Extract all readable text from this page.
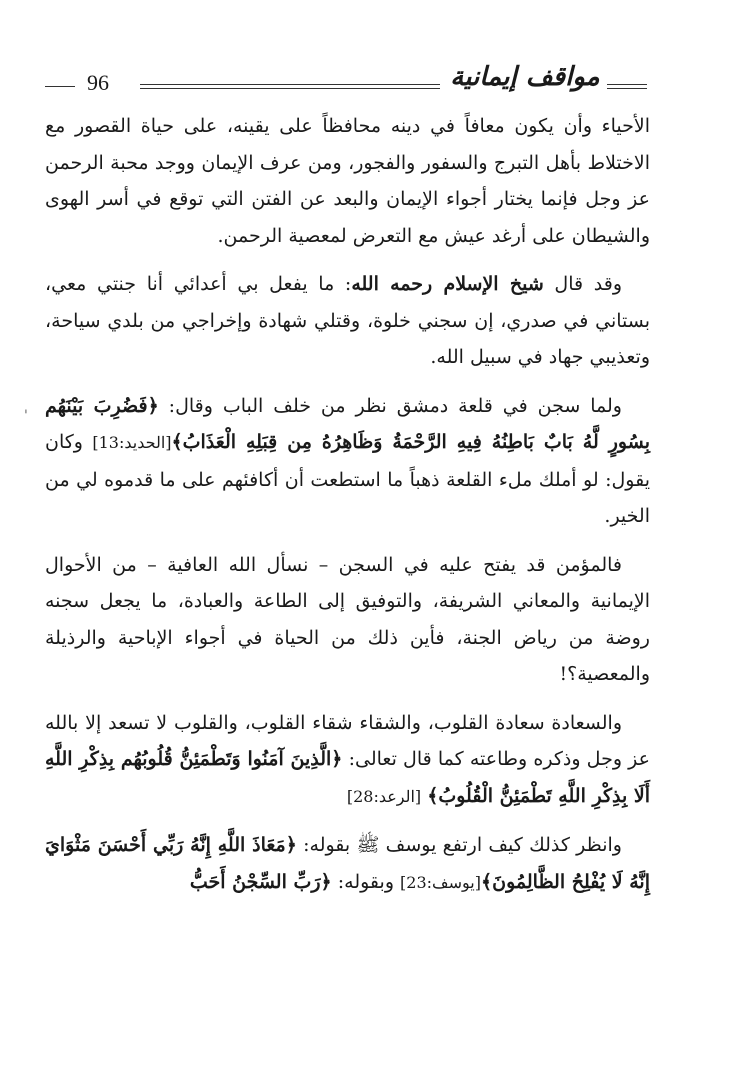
96	مواقف إيمانية
'

الأحياء وأن يكون معافاً في دينه محافظاً على يقينه، على حياة القصور مع الاختلاط بأهل التبرج والسفور والفجور، ومن عرف الإيمان ووجد محبة الرحمن عز وجل فإنما يختار أجواء الإيمان والبعد عن الفتن التي توقع في أسر الهوى والشيطان على أرغد عيش مع التعرض لمعصية الرحمن.

وقد قال شيخ الإسلام رحمه الله: ما يفعل بي أعدائي أنا جنتي معي، بستاني في صدري، إن سجني خلوة، وقتلي شهادة وإخراجي من بلدي سياحة، وتعذيبي جهاد في سبيل الله.

ولما سجن في قلعة دمشق نظر من خلف الباب وقال: ﴿فَضُرِبَ بَيْنَهُم بِسُورٍ لَّهُ بَابٌ بَاطِنُهُ فِيهِ الرَّحْمَةُ وَظَاهِرُهُ مِن قِبَلِهِ الْعَذَابُ﴾[الحديد:13] وكان يقول: لو أملك ملء القلعة ذهباً ما استطعت أن أكافئهم على ما قدموه لي من الخير.

فالمؤمن قد يفتح عليه في السجن – نسأل الله العافية – من الأحوال الإيمانية والمعاني الشريفة، والتوفيق إلى الطاعة والعبادة، ما يجعل سجنه روضة من رياض الجنة، فأين ذلك من الحياة في أجواء الإباحية والرذيلة والمعصية؟!

والسعادة سعادة القلوب، والشقاء شقاء القلوب، والقلوب لا تسعد إلا بالله عز وجل وذكره وطاعته كما قال تعالى: ﴿الَّذِينَ آمَنُوا وَتَطْمَئِنُّ قُلُوبُهُم بِذِكْرِ اللَّهِ أَلَا بِذِكْرِ اللَّهِ تَطْمَئِنُّ الْقُلُوبُ﴾ [الرعد:28]

وانظر كذلك كيف ارتفع يوسف ﷺ بقوله: ﴿مَعَاذَ اللَّهِ إِنَّهُ رَبِّي أَحْسَنَ مَثْوَايَ إِنَّهُ لَا يُفْلِحُ الظَّالِمُونَ﴾[يوسف:23] وبقوله: ﴿رَبِّ السِّجْنُ أَحَبُّ
